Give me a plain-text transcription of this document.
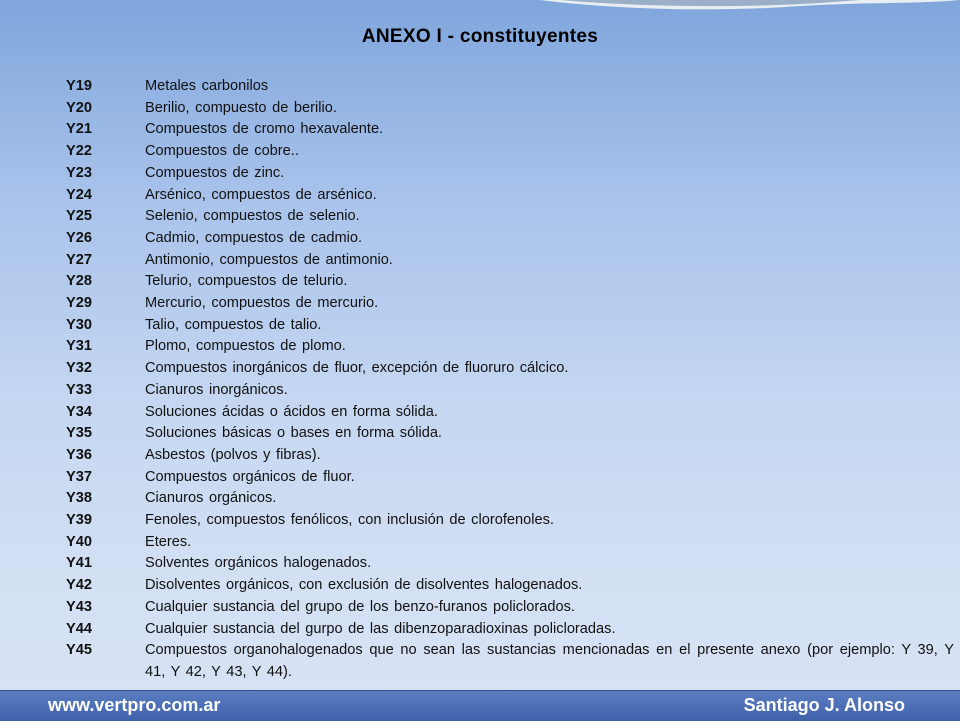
ANEXO I - constituyentes
Y19	Metales carbonilos
Y20	Berilio, compuesto de berilio.
Y21	Compuestos de cromo hexavalente.
Y22	Compuestos de cobre..
Y23	Compuestos de zinc.
Y24	Arsénico, compuestos de arsénico.
Y25	Selenio, compuestos de selenio.
Y26	Cadmio, compuestos de cadmio.
Y27	Antimonio, compuestos de antimonio.
Y28	Telurio, compuestos de telurio.
Y29	Mercurio, compuestos de mercurio.
Y30	Talio, compuestos de talio.
Y31	Plomo, compuestos de plomo.
Y32	Compuestos inorgánicos de fluor, excepción de fluoruro cálcico.
Y33	Cianuros inorgánicos.
Y34	Soluciones ácidas o ácidos en forma sólida.
Y35	Soluciones básicas o bases en forma sólida.
Y36	Asbestos (polvos y fibras).
Y37	Compuestos orgánicos de fluor.
Y38	Cianuros orgánicos.
Y39	Fenoles, compuestos fenólicos, con inclusión de clorofenoles.
Y40	Eteres.
Y41	Solventes orgánicos halogenados.
Y42	Disolventes orgánicos, con exclusión de disolventes halogenados.
Y43	Cualquier sustancia del grupo de los benzo-furanos policlorados.
Y44	Cualquier sustancia del gurpo de las dibenzoparadioxinas policloradas.
Y45	Compuestos organohalogenados que no sean las sustancias mencionadas en el presente anexo (por ejemplo: Y 39, Y 41, Y 42, Y 43, Y 44).
www.vertpro.com.ar	Santiago J. Alonso
